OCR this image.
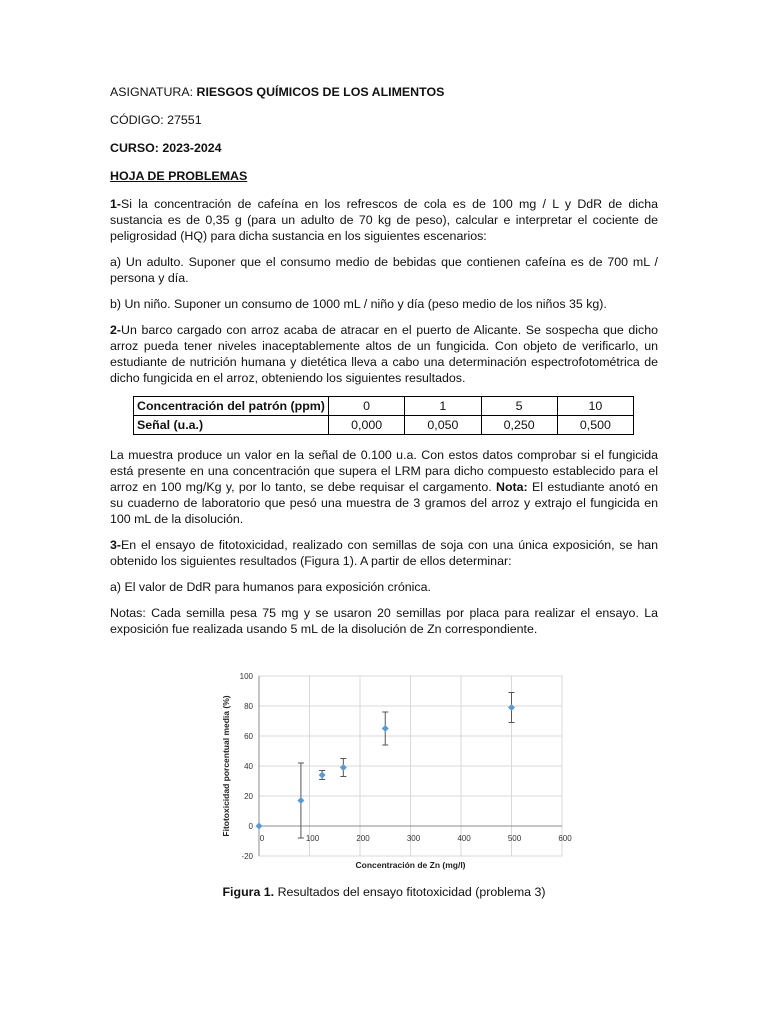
ASIGNATURA: RIESGOS QUÍMICOS DE LOS ALIMENTOS

CÓDIGO: 27551

CURSO: 2023-2024

HOJA DE PROBLEMAS

1-Si la concentración de cafeína en los refrescos de cola es de 100 mg / L y DdR de dicha sustancia es de 0,35 g (para un adulto de 70 kg de peso), calcular e interpretar el cociente de peligrosidad (HQ) para dicha sustancia en los siguientes escenarios:

a) Un adulto. Suponer que el consumo medio de bebidas que contienen cafeína es de 700 mL / persona y día.

b) Un niño. Suponer un consumo de 1000 mL / niño y día (peso medio de los niños 35 kg).

2-Un barco cargado con arroz acaba de atracar en el puerto de Alicante. Se sospecha que dicho arroz pueda tener niveles inaceptablemente altos de un fungicida. Con objeto de verificarlo, un estudiante de nutrición humana y dietética lleva a cabo una determinación espectrofotométrica de dicho fungicida en el arroz, obteniendo los siguientes resultados.

Concentración del patrón (ppm)	0	1	5	10
Señal (u.a.)	0,000	0,050	0,250	0,500

La muestra produce un valor en la señal de 0.100 u.a. Con estos datos comprobar si el fungicida está presente en una concentración que supera el LRM para dicho compuesto establecido para el arroz en 100 mg/Kg y, por lo tanto, se debe requisar el cargamento. Nota: El estudiante anotó en su cuaderno de laboratorio que pesó una muestra de 3 gramos del arroz y extrajo el fungicida en 100 mL de la disolución.

3-En el ensayo de fitotoxicidad, realizado con semillas de soja con una única exposición, se han obtenido los siguientes resultados (Figura 1). A partir de ellos determinar:

a) El valor de DdR para humanos para exposición crónica.

Notas: Cada semilla pesa 75 mg y se usaron 20 semillas por placa para realizar el ensayo. La exposición fue realizada usando 5 mL de la disolución de Zn correspondiente.

-20
0
20
40
60
80
100
0	100	200	300	400	500	600
Concentración de Zn (mg/l)
Fitotoxicidad porcentual media (%)
Figura 1. Resultados del ensayo fitotoxicidad (problema 3)
